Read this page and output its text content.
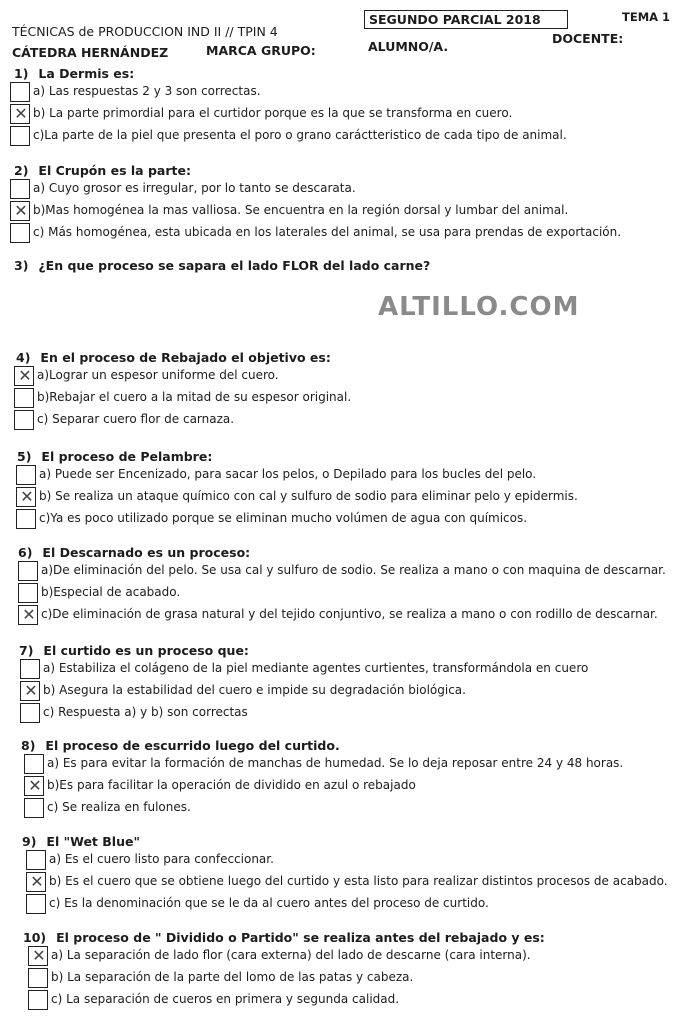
TÉCNICAS de PRODUCCION IND II // TPIN 4
CÁTEDRA HERNÁNDEZ	MARCA GRUPO:
SEGUNDO PARCIAL 2018
ALUMNO/A.
DOCENTE:
TEMA 1
ALTILLO.COM
1) La Dermis es:
a) Las respuestas 2 y 3 son correctas.
✕ b) La parte primordial para el curtidor porque es la que se transforma en cuero.
c)La parte de la piel que presenta el poro o grano caráctteristico de cada tipo de animal.
2) El Crupón es la parte:
a) Cuyo grosor es irregular, por lo tanto se descarata.
✕ b)Mas homogénea la mas valliosa. Se encuentra en la región dorsal y lumbar del animal.
c) Más homogénea, esta ubicada en los laterales del animal, se usa para prendas de exportación.
3) ¿En que proceso se sapara el lado FLOR del lado carne?
4) En el proceso de Rebajado el objetivo es:
✕ a)Lograr un espesor uniforme del cuero.
b)Rebajar el cuero a la mitad de su espesor original.
c) Separar cuero flor de carnaza.
5) El proceso de Pelambre:
a) Puede ser Encenizado, para sacar los pelos, o Depilado para los bucles del pelo.
✕ b) Se realiza un ataque químico con cal y sulfuro de sodio para eliminar pelo y epidermis.
c)Ya es poco utilizado porque se eliminan mucho volúmen de agua con químicos.
6) El Descarnado es un proceso:
a)De eliminación del pelo. Se usa cal y sulfuro de sodio. Se realiza a mano o con maquina de descarnar.
b)Especial de acabado.
✕ c)De eliminación de grasa natural y del tejido conjuntivo, se realiza a mano o con rodillo de descarnar.
7) El curtido es un proceso que:
a) Estabiliza el colágeno de la piel mediante agentes curtientes, transformándola en cuero
✕ b) Asegura la estabilidad del cuero e impide su degradación biológica.
c) Respuesta a) y b) son correctas
8) El proceso de escurrido luego del curtido.
a) Es para evitar la formación de manchas de humedad. Se lo deja reposar entre 24 y 48 horas.
✕ b)Es para facilitar la operación de dividido en azul o rebajado
c) Se realiza en fulones.
9) El "Wet Blue"
a) Es el cuero listo para confeccionar.
✕ b) Es el cuero que se obtiene luego del curtido y esta listo para realizar distintos procesos de acabado.
c) Es la denominación que se le da al cuero antes del proceso de curtido.
10) El proceso de " Dividido o Partido" se realiza antes del rebajado y es:
✕ a) La separación de lado flor (cara externa) del lado de descarne (cara interna).
b) La separación de la parte del lomo de las patas y cabeza.
c) La separación de cueros en primera y segunda calidad.
